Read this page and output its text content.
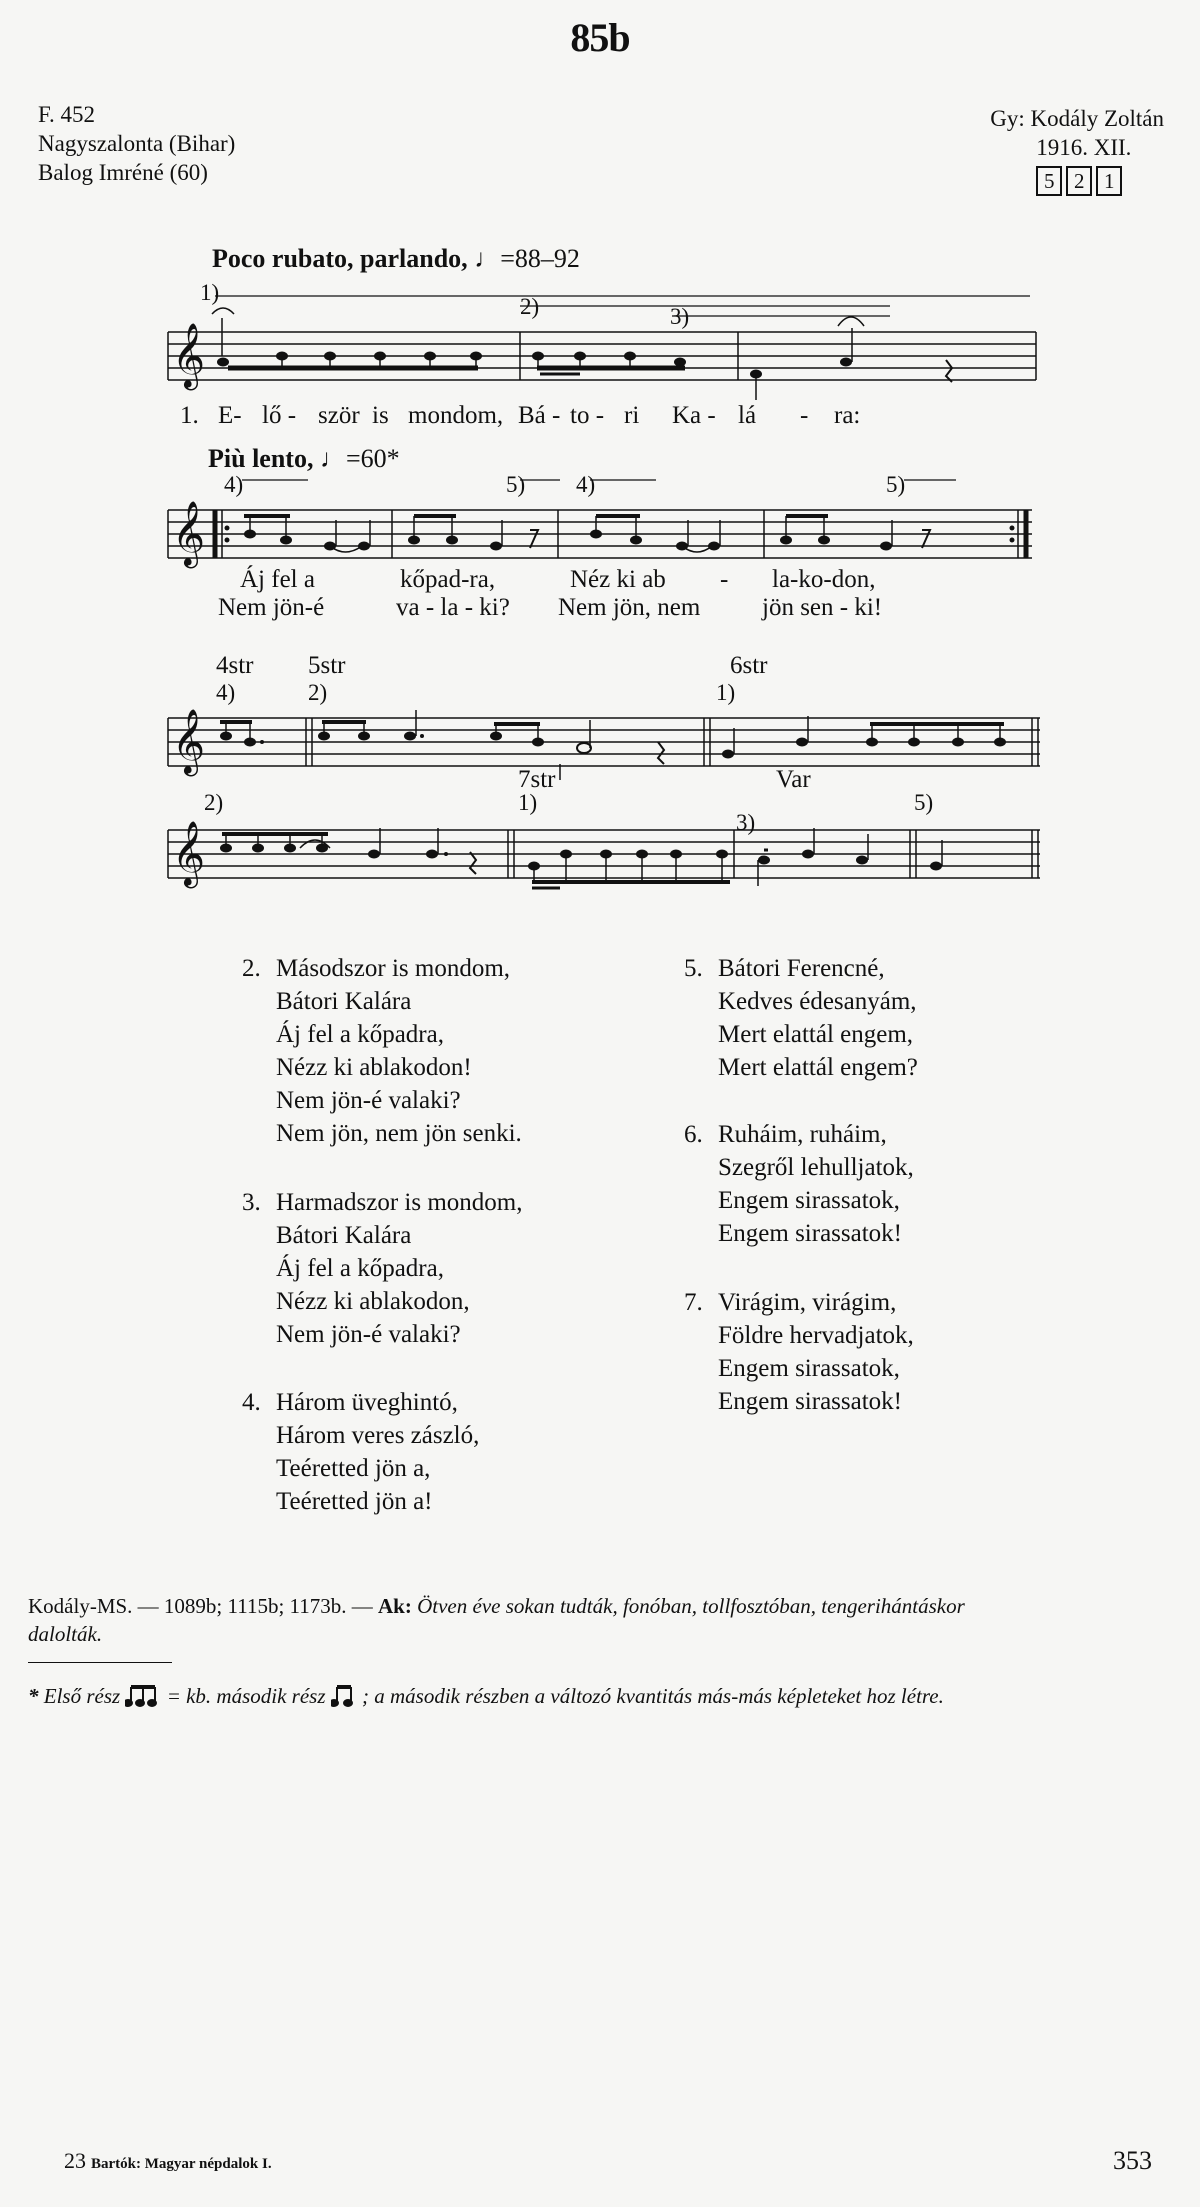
85b
F. 452
Nagyszalonta (Bihar)
Balog Imréné (60)
Gy: Kodály Zoltán
1916. XII.
5 2 1
Poco rubato, parlando, ♩=88–92
𝄞
1)
2)	3)
1. E- lő - ször is mondom, Bá - to - ri Ka - lá - ra:
Più lento, ♩=60*
𝄞
4)	5) 4)	5)
Áj fel a	kőpad-ra,	Néz ki ab - la-ko-don,
Nem jön-é	va - la - ki? Nem jön, nem jön sen - ki!
4str 5str	6str
𝄞
4)	2)	1)
7str	Var
𝄞
2)	1)
3)
5)
2. Másodszor is mondom,
Bátori Kalára
Áj fel a kőpadra,
Nézz ki ablakodon!
Nem jön-é valaki?
Nem jön, nem jön senki.
3. Harmadszor is mondom,
Bátori Kalára
Áj fel a kőpadra,
Nézz ki ablakodon,
Nem jön-é valaki?
4. Három üveghintó,
Három veres zászló,
Teéretted jön a,
Teéretted jön a!
5. Bátori Ferencné,
Kedves édesanyám,
Mert elattál engem,
Mert elattál engem?
6. Ruháim, ruháim,
Szegről lehulljatok,
Engem sirassatok,
Engem sirassatok!
7. Virágim, virágim,
Földre hervadjatok,
Engem sirassatok,
Engem sirassatok!
Kodály-MS. — 1089b; 1115b; 1173b. — Ak: Ötven éve sokan tudták, fonóban, tollfosztóban, tengerihántáskor
dalolták.
* Első rész = kb. második rész ; a második részben a változó kvantitás más-más képleteket hoz létre.
23 Bartók: Magyar népdalok I.	353
